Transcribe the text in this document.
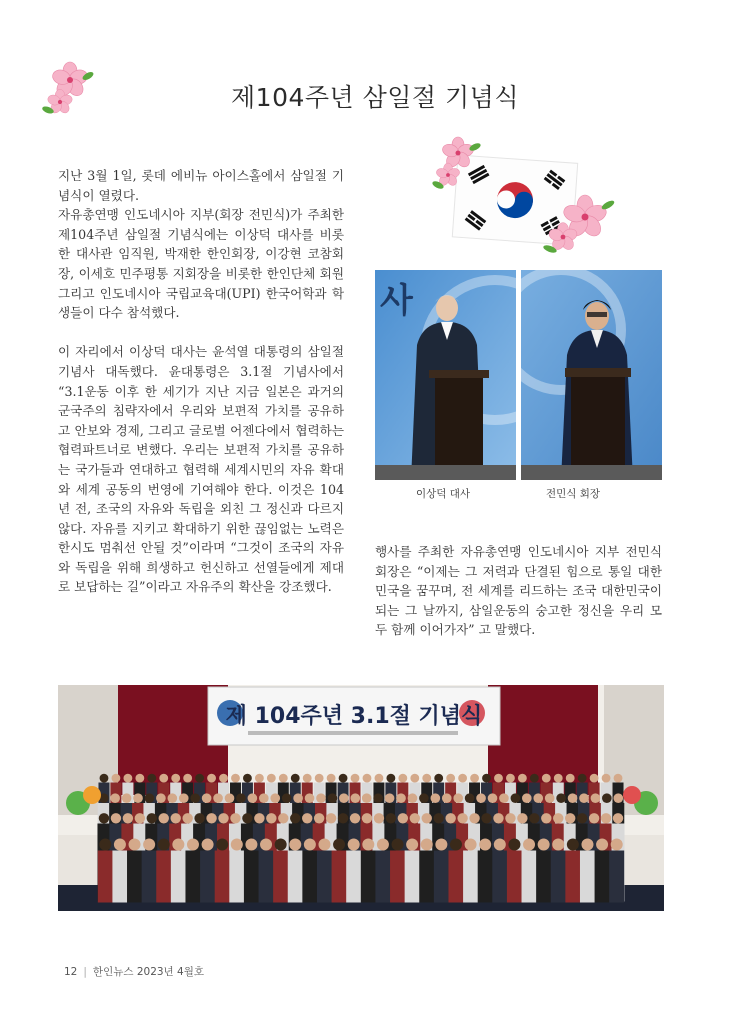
제104주년 삼일절 기념식

지난 3월 1일, 롯데 에비뉴 아이스홀에서 삼일절 기념식이 열렸다.

자유총연맹 인도네시아 지부(회장 전민식)가 주최한 제104주년 삼일절 기념식에는 이상덕 대사를 비롯한 대사관 임직원, 박재한 한인회장, 이강현 코참회장, 이세호 민주평통 지회장을 비롯한 한인단체 회원 그리고 인도네시아 국립교육대(UPI) 한국어학과 학생들이 다수 참석했다.

이 자리에서 이상덕 대사는 윤석열 대통령의 삼일절 기념사 대독했다. 윤대통령은 3.1절 기념사에서 “3.1운동 이후 한 세기가 지난 지금 일본은 과거의 군국주의 침략자에서 우리와 보편적 가치를 공유하고 안보와 경제, 그리고 글로벌 어젠다에서 협력하는 협력파트너로 변했다. 우리는 보편적 가치를 공유하는 국가들과 연대하고 협력해 세계시민의 자유 확대와 세계 공동의 번영에 기여해야 한다. 이것은 104년 전, 조국의 자유와 독립을 외친 그 정신과 다르지 않다. 자유를 지키고 확대하기 위한 끊임없는 노력은 한시도 멈춰선 안될 것”이라며 “그것이 조국의 자유와 독립을 위해 희생하고 헌신하고 선열들에게 제대로 보답하는 길”이라고 자유주의 확산을 강조했다.

사
이상덕 대사	전민식 회장

행사를 주최한 자유총연맹 인도네시아 지부 전민식 회장은 “이제는 그 저력과 단결된 힘으로 통일 대한민국을 꿈꾸며, 전 세계를 리드하는 조국 대한민국이 되는 그 날까지, 삼일운동의 숭고한 정신을 우리 모두 함께 이어가자” 고 말했다.

제 104주년 3.1절 기념식
12 | 한인뉴스 2023년 4월호
